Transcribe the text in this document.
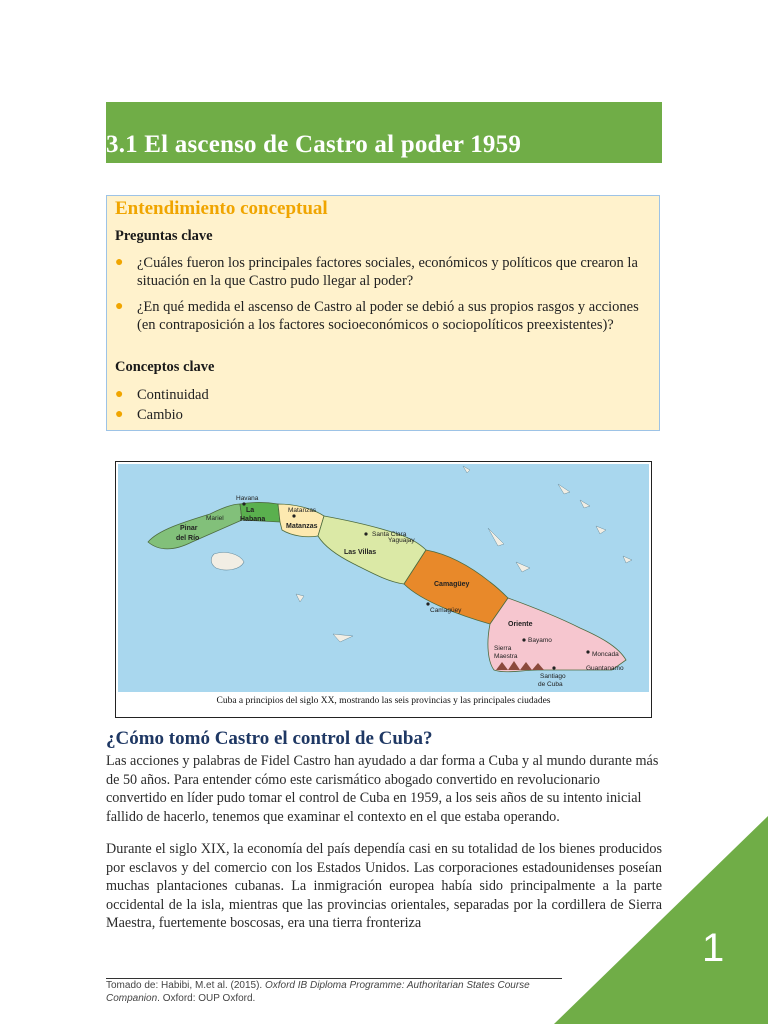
3.1 El ascenso de Castro al poder 1959
Entendimiento conceptual
Preguntas clave
● ¿Cuáles fueron los principales factores sociales, económicos y políticos que crearon la situación en la que Castro pudo llegar al poder?
● ¿En qué medida el ascenso de Castro al poder se debió a sus propios rasgos y acciones (en contraposición a los factores socioeconómicos o sociopolíticos preexistentes)?
Conceptos clave
● Continuidad
● Cambio
Pinar
del Río
La
Habana
Matanzas
Las Villas
Camagüey
Oriente
Havana
Mariel
Matanzas
Santa Clara
Yaguajay
Camagüey
Bayamo
Sierra
Maestra	Moncada
Santiago
de Cuba
Guantanamo
Cuba a principios del siglo XX, mostrando las seis provincias y las principales ciudades
¿Cómo tomó Castro el control de Cuba?

Las acciones y palabras de Fidel Castro han ayudado a dar forma a Cuba y al mundo durante más de 50 años. Para entender cómo este carismático abogado convertido en revolucionario convertido en líder pudo tomar el control de Cuba en 1959, a los seis años de su intento inicial fallido de hacerlo, tenemos que examinar el contexto en el que estaba operando.

Durante el siglo XIX, la economía del país dependía casi en su totalidad de los bienes producidos por esclavos y del comercio con los Estados Unidos. Las corporaciones estadounidenses poseían muchas plantaciones cubanas. La inmigración europea había sido principalmente a la parte occidental de la isla, mientras que las provincias orientales, separadas por la cordillera de Sierra Maestra, fuertemente boscosas, era una tierra fronteriza

1
Tomado de: Habibi, M.et al. (2015). Oxford IB Diploma Programme: Authoritarian States Course Companion. Oxford: OUP Oxford.
